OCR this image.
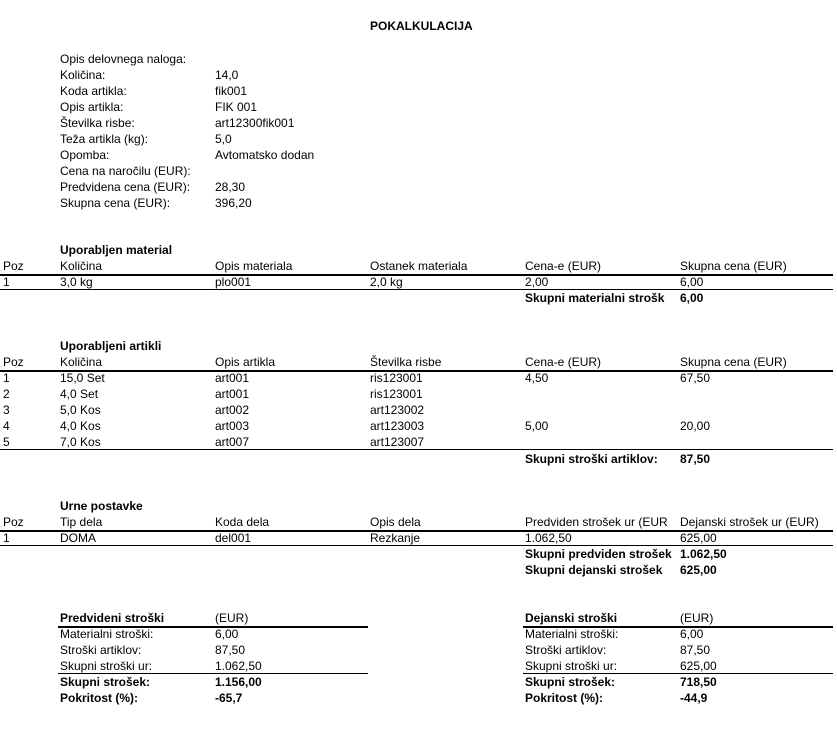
POKALKULACIJA
Opis delovnega naloga:
Količina:	14,0
Koda artikla:	fik001
Opis artikla:	FIK 001
Številka risbe:	art12300fik001
Teža artikla (kg):	5,0
Opomba:	Avtomatsko dodan
Cena na naročilu (EUR):
Predvidena cena (EUR): 28,30
Skupna cena (EUR):	396,20
Uporabljen material
Poz	Količina	Opis materiala	Ostanek materiala	Cena-e (EUR)	Skupna cena (EUR)
1	3,0 kg	plo001	2,0 kg	2,00	6,00
Skupni materialni strošk	6,00
Uporabljeni artikli
Poz	Količina	Opis artikla	Številka risbe	Cena-e (EUR)	Skupna cena (EUR)
1	15,0 Set	art001	ris123001	4,50	67,50
2	4,0 Set	art001	ris123001
3	5,0 Kos	art002	art123002
4	4,0 Kos	art003	art123003	5,00	20,00
5	7,0 Kos	art007	art123007
Skupni stroški artiklov: 87,50
Urne postavke
Poz	Tip dela	Koda dela	Opis dela	Predviden strošek ur (EUR	Dejanski strošek ur (EUR)
1	DOMA	del001	Rezkanje	1.062,50	625,00
Skupni predviden strošek 1.062,50
Skupni dejanski strošek 625,00
Predvideni stroški	(EUR)
Materialni stroški:	6,00
Stroški artiklov:	87,50
Skupni stroški ur:	1.062,50
Skupni strošek:	1.156,00
Pokritost (%):	-65,7
Dejanski stroški	(EUR)
Materialni stroški:	6,00
Stroški artiklov:	87,50
Skupni stroški ur:	625,00
Skupni strošek:	718,50
Pokritost (%):	-44,9
